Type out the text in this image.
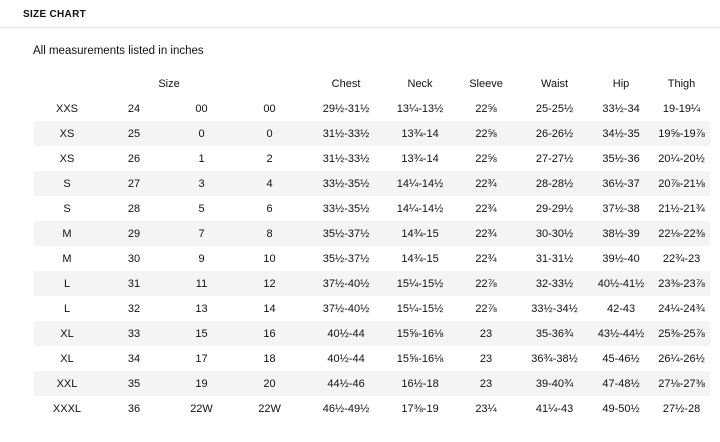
SIZE CHART
All measurements listed in inches
Size				Chest	Neck	Sleeve	Waist	Hip	Thigh
XXS	24	00	00	29½-31½	13¼-13½	22⅝	25-25½	33½-34	19-19¼
XS	25	0	0	31½-33½	13¾-14	22⅝	26-26½	34½-35	19⅝-19⅞
XS	26	1	2	31½-33½	13¾-14	22⅝	27-27½	35½-36	20¼-20½
S	27	3	4	33½-35½	14¼-14½	22¾	28-28½	36½-37	20⅞-21⅛
S	28	5	6	33½-35½	14¼-14½	22¾	29-29½	37½-38	21½-21¾
M	29	7	8	35½-37½	14¾-15	22¾	30-30½	38½-39	22⅛-22⅜
M	30	9	10	35½-37½	14¾-15	22¾	31-31½	39½-40	22¾-23
L	31	11	12	37½-40½	15¼-15½	22⅞	32-33½	40½-41½	23⅜-23⅞
L	32	13	14	37½-40½	15¼-15½	22⅞	33½-34½	42-43	24¼-24¾
XL	33	15	16	40½-44	15⅝-16⅛	23	35-36¾	43½-44½	25⅜-25⅞
XL	34	17	18	40½-44	15⅝-16⅛	23	36¾-38½	45-46½	26¼-26½
XXL	35	19	20	44½-46	16½-18	23	39-40¾	47-48½	27⅛-27⅜
XXXL	36	22W	22W	46½-49½	17⅜-19	23¼	41¼-43	49-50½	27½-28
